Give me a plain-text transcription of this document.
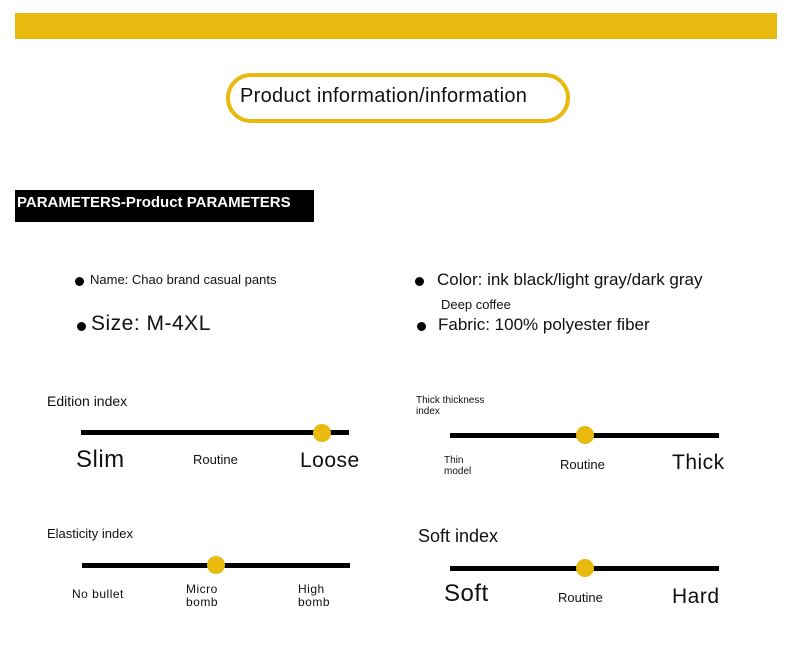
Product information/information
PARAMETERS-Product PARAMETERS
Name: Chao brand casual pants
Size: M-4XL
Color: ink black/light gray/dark gray
Deep coffee
Fabric: 100% polyester fiber
Edition index
Slim	Routine	Loose
Thick thickness
index
Thin
model	Routine	Thick
Elasticity index
No bullet	Micro
bomb
High
bomb
Soft index
Soft	Routine	Hard
